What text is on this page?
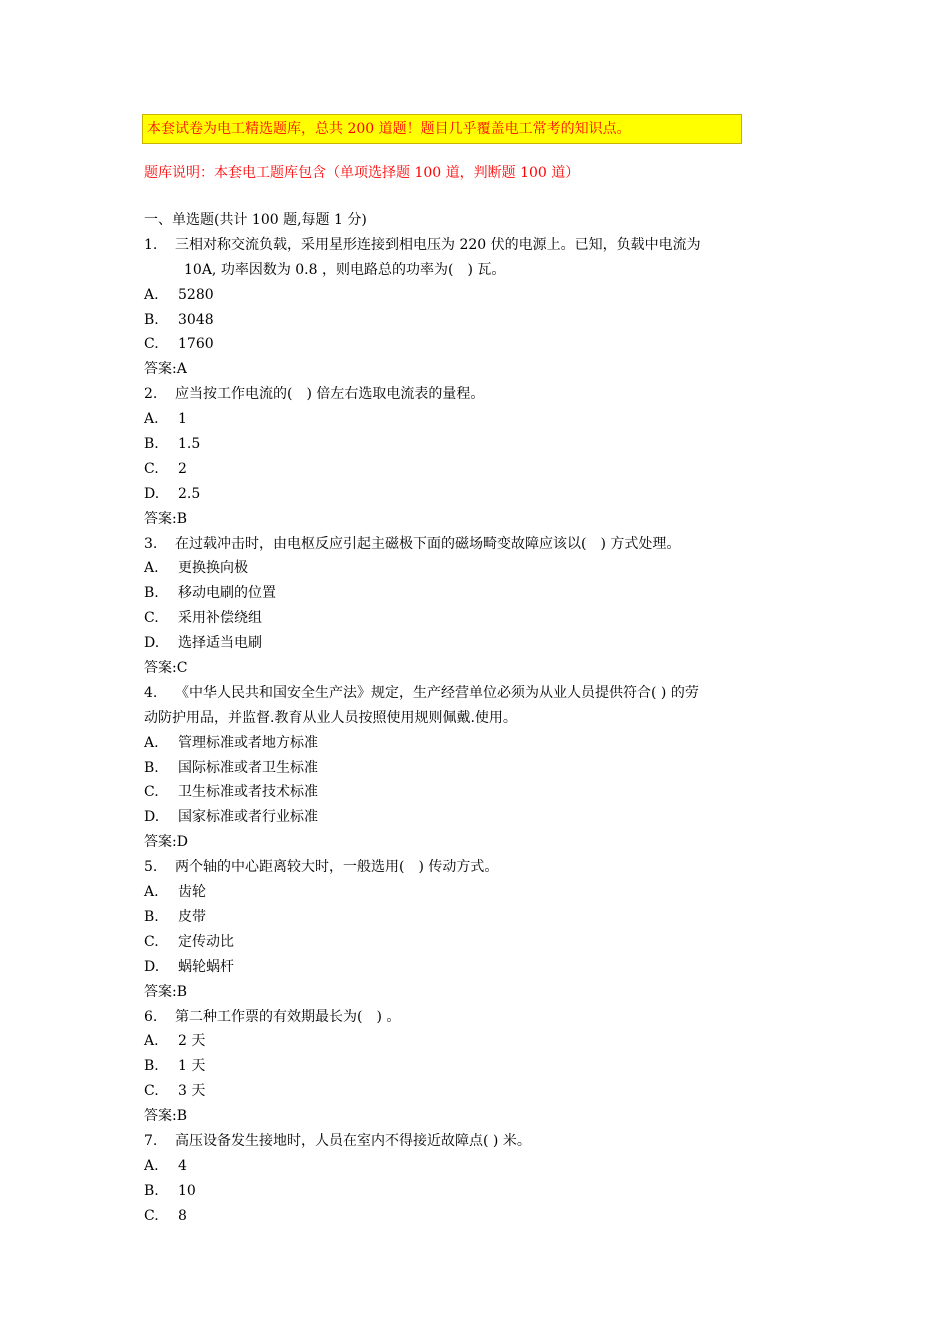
本套试卷为电工精选题库，总共 200 道题！题目几乎覆盖电工常考的知识点。
题库说明：本套电工题库包含（单项选择题 100 道，判断题 100 道）
一、单选题(共计 100 题,每题 1 分)
1. 三相对称交流负载，采用星形连接到相电压为 220 伏的电源上。已知，负载中电流为
10A, 功率因数为 0.8 ，则电路总的功率为(　) 瓦。
A. 5280
B. 3048
C. 1760
答案:A
2. 应当按工作电流的(　) 倍左右选取电流表的量程。
A. 1
B. 1.5
C. 2
D. 2.5
答案:B
3. 在过载冲击时，由电枢反应引起主磁极下面的磁场畸变故障应该以(　) 方式处理。
A. 更换换向极
B. 移动电刷的位置
C. 采用补偿绕组
D. 选择适当电刷
答案:C
4. 《中华人民共和国安全生产法》规定，生产经营单位必须为从业人员提供符合( ) 的劳
动防护用品，并监督.教育从业人员按照使用规则佩戴.使用。
A. 管理标准或者地方标准
B. 国际标准或者卫生标准
C. 卫生标准或者技术标准
D. 国家标准或者行业标准
答案:D
5. 两个轴的中心距离较大时，一般选用(　) 传动方式。
A. 齿轮
B. 皮带
C. 定传动比
D. 蜗轮蜗杆
答案:B
6. 第二种工作票的有效期最长为(　) 。
A. 2 天
B. 1 天
C. 3 天
答案:B
7. 高压设备发生接地时，人员在室内不得接近故障点( ) 米。
A. 4
B. 10
C. 8
